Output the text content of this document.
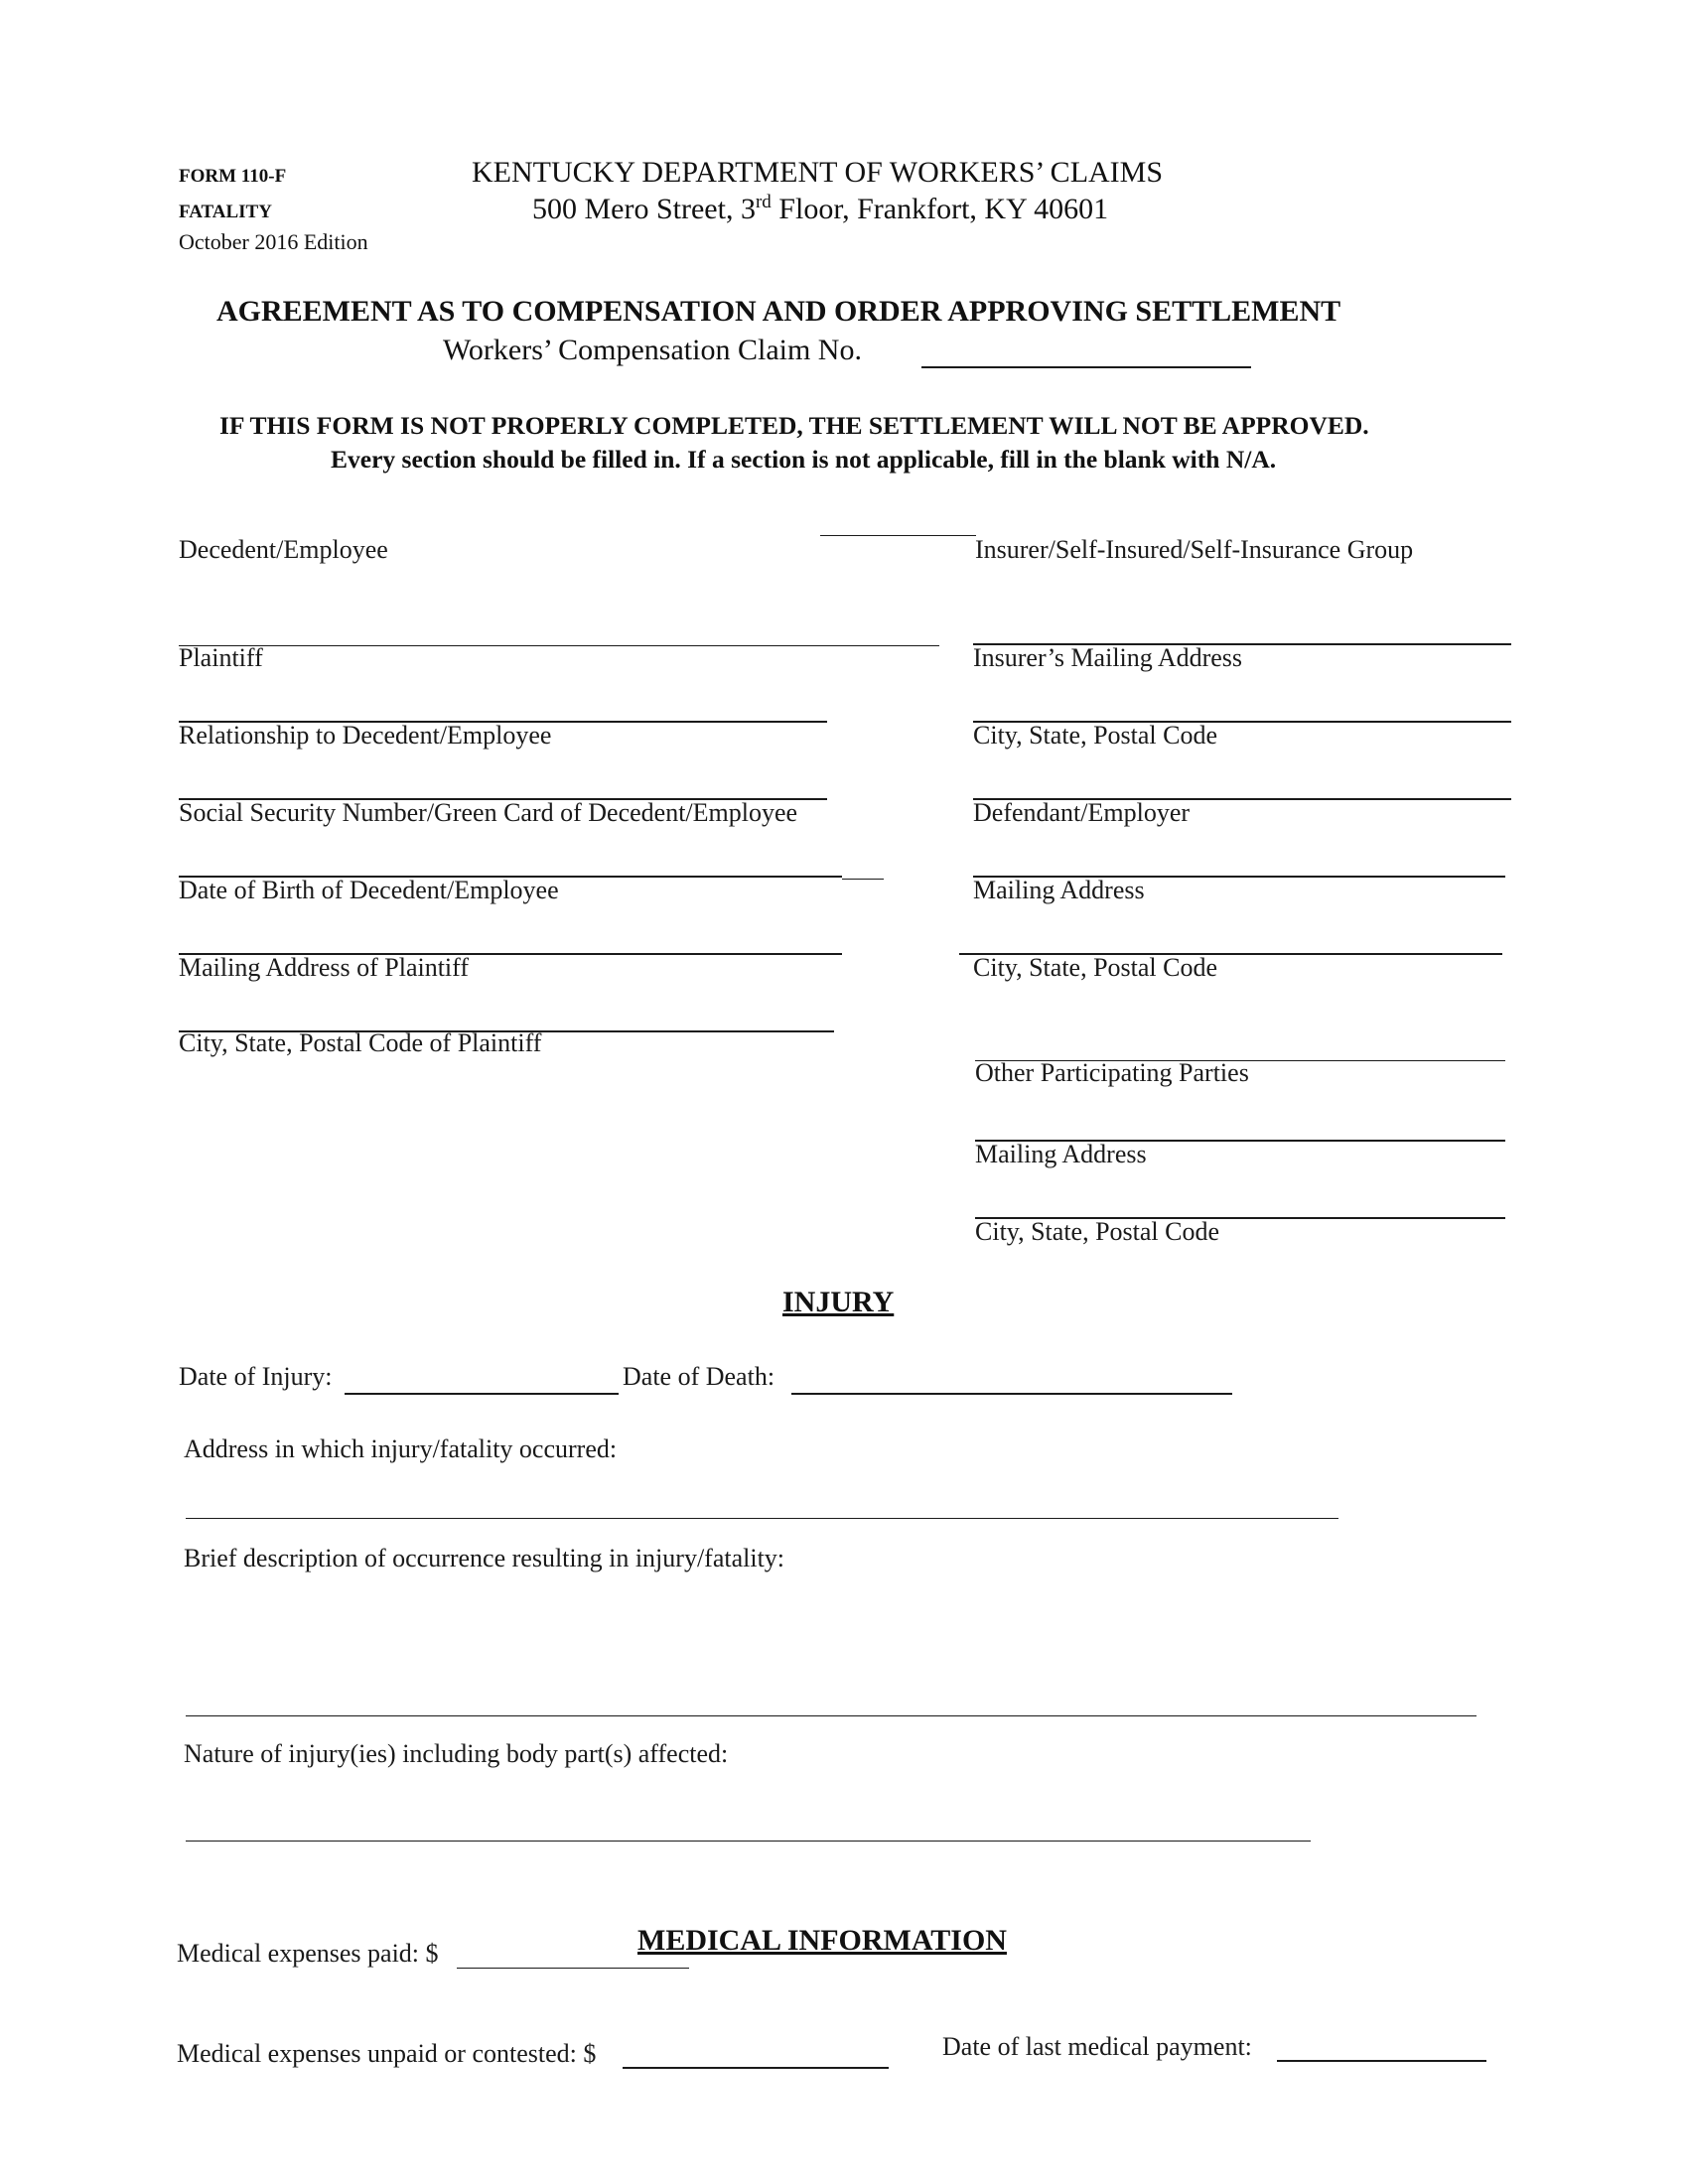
FORM 110-F
FATALITY
October 2016 Edition
KENTUCKY DEPARTMENT OF WORKERS’ CLAIMS
500 Mero Street, 3rd Floor, Frankfort, KY 40601
AGREEMENT AS TO COMPENSATION AND ORDER APPROVING SETTLEMENT
Workers’ Compensation Claim No.
IF THIS FORM IS NOT PROPERLY COMPLETED, THE SETTLEMENT WILL NOT BE APPROVED.
Every section should be filled in. If a section is not applicable, fill in the blank with N/A.
Decedent/Employee
Plaintiff
Relationship to Decedent/Employee
Social Security Number/Green Card of Decedent/Employee
Date of Birth of Decedent/Employee
Mailing Address of Plaintiff
City, State, Postal Code of Plaintiff
Insurer/Self-Insured/Self-Insurance Group
Insurer’s Mailing Address
City, State, Postal Code
Defendant/Employer
Mailing Address
City, State, Postal Code
Other Participating Parties
Mailing Address
City, State, Postal Code
INJURY
Date of Injury:	Date of Death:
Address in which injury/fatality occurred:
Brief description of occurrence resulting in injury/fatality:
Nature of injury(ies) including body part(s) affected:
MEDICAL INFORMATION
Medical expenses paid: $
Medical expenses unpaid or contested: $	Date of last medical payment:
